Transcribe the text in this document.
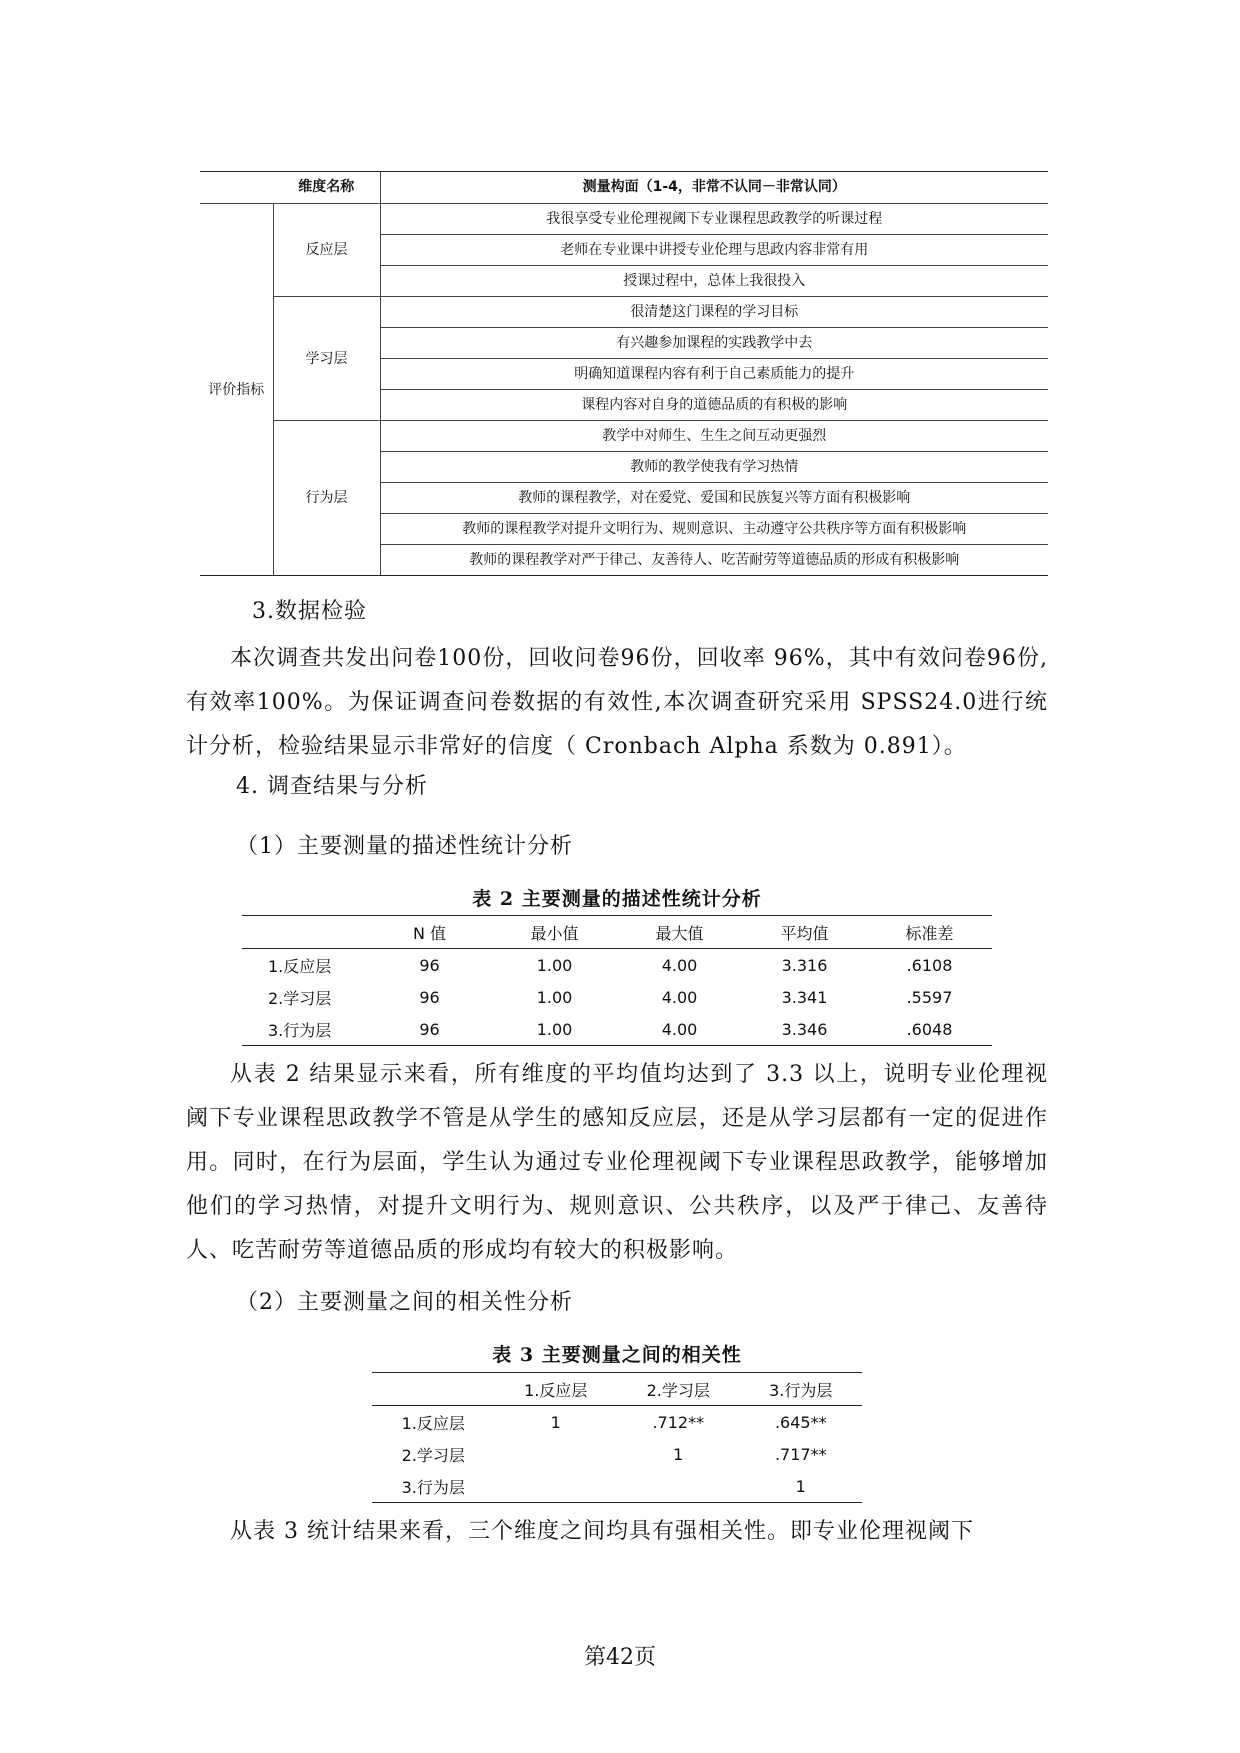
	维度名称	测量构面（1-4，非常不认同－非常认同）
评价指标	反应层	我很享受专业伦理视阈下专业课程思政教学的听课过程
		老师在专业课中讲授专业伦理与思政内容非常有用
		授课过程中，总体上我很投入
	学习层	很清楚这门课程的学习目标
		有兴趣参加课程的实践教学中去
		明确知道课程内容有利于自己素质能力的提升
		课程内容对自身的道德品质的有积极的影响
	行为层	教学中对师生、生生之间互动更强烈
		教师的教学使我有学习热情
		教师的课程教学，对在爱党、爱国和民族复兴等方面有积极影响
		教师的课程教学对提升文明行为、规则意识、主动遵守公共秩序等方面有积极影响
		教师的课程教学对严于律己、友善待人、吃苦耐劳等道德品质的形成有积极影响

3.数据检验

本次调查共发出问卷100份，回收问卷96份，回收率 96%，其中有效问卷96份,有效率100%。为保证调查问卷数据的有效性,本次调查研究采用 SPSS24.0进行统计分析，检验结果显示非常好的信度（ Cronbach Alpha 系数为 0.891）。

4. 调查结果与分析

（1）主要测量的描述性统计分析

表 2 主要测量的描述性统计分析

	N 值	最小值	最大值	平均值	标准差
1.反应层	96	1.00	4.00	3.316	.6108
2.学习层	96	1.00	4.00	3.341	.5597
3.行为层	96	1.00	4.00	3.346	.6048

从表 2 结果显示来看，所有维度的平均值均达到了 3.3 以上，说明专业伦理视阈下专业课程思政教学不管是从学生的感知反应层，还是从学习层都有一定的促进作用。同时，在行为层面，学生认为通过专业伦理视阈下专业课程思政教学，能够增加他们的学习热情，对提升文明行为、规则意识、公共秩序，以及严于律己、友善待人、吃苦耐劳等道德品质的形成均有较大的积极影响。

（2）主要测量之间的相关性分析

表 3 主要测量之间的相关性

	1.反应层	2.学习层	3.行为层
1.反应层	1	.712**	.645**
2.学习层		1	.717**
3.行为层			1

从表 3 统计结果来看，三个维度之间均具有强相关性。即专业伦理视阈下

第42页
